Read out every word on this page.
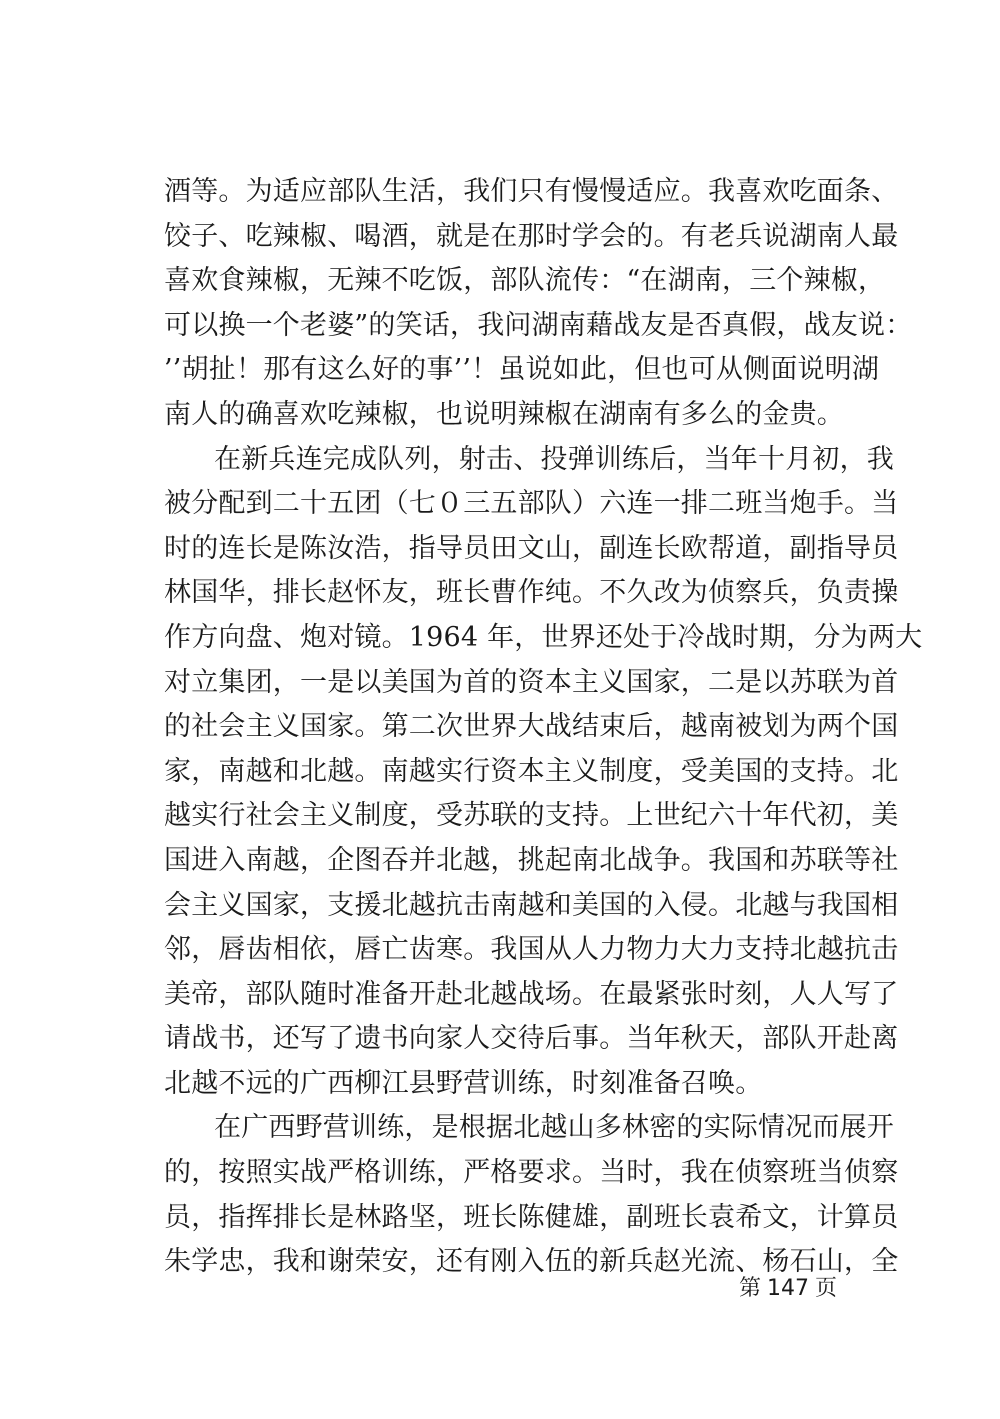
酒等。为适应部队生活，我们只有慢慢适应。我喜欢吃面条、
饺子、吃辣椒、喝酒，就是在那时学会的。有老兵说湖南人最
喜欢食辣椒，无辣不吃饭，部队流传：“在湖南，三个辣椒，
可以换一个老婆”的笑话，我问湖南藉战友是否真假，战友说：
’’胡扯！那有这么好的事’’！虽说如此，但也可从侧面说明湖
南人的确喜欢吃辣椒，也说明辣椒在湖南有多么的金贵。
在新兵连完成队列，射击、投弹训练后，当年十月初，我
被分配到二十五团（七０三五部队）六连一排二班当炮手。当
时的连长是陈汝浩，指导员田文山，副连长欧帮道，副指导员
林国华，排长赵怀友，班长曹作纯。不久改为侦察兵，负责操
作方向盘、炮对镜。1964 年，世界还处于冷战时期，分为两大
对立集团，一是以美国为首的资本主义国家，二是以苏联为首
的社会主义国家。第二次世界大战结束后，越南被划为两个国
家，南越和北越。南越实行资本主义制度，受美国的支持。北
越实行社会主义制度，受苏联的支持。上世纪六十年代初，美
国进入南越，企图吞并北越，挑起南北战争。我国和苏联等社
会主义国家，支援北越抗击南越和美国的入侵。北越与我国相
邻，唇齿相依，唇亡齿寒。我国从人力物力大力支持北越抗击
美帝，部队随时准备开赴北越战场。在最紧张时刻，人人写了
请战书，还写了遗书向家人交待后事。当年秋天，部队开赴离
北越不远的广西柳江县野营训练，时刻准备召唤。
在广西野营训练，是根据北越山多林密的实际情况而展开
的，按照实战严格训练，严格要求。当时，我在侦察班当侦察
员，指挥排长是林路坚，班长陈健雄，副班长袁希文，计算员
朱学忠，我和谢荣安，还有刚入伍的新兵赵光流、杨石山，全
第 147 页
